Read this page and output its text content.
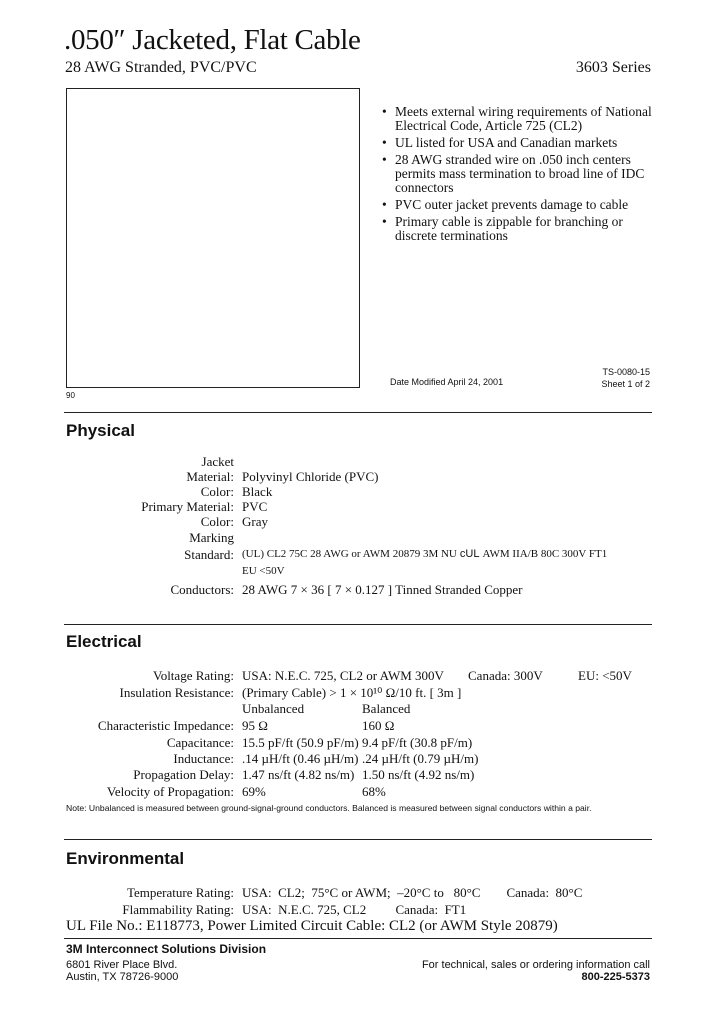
.050″ Jacketed, Flat Cable
28 AWG Stranded, PVC/PVC	3603 Series
90
• Meets external wiring requirements of National Electrical Code, Article 725 (CL2)
• UL listed for USA and Canadian markets
• 28 AWG stranded wire on .050 inch centers permits mass termination to broad line of IDC connectors
• PVC outer jacket prevents damage to cable
• Primary cable is zippable for branching or discrete terminations
Date Modified April 24, 2001
TS-0080-15
Sheet 1 of 2
Physical
Jacket
Material: Polyvinyl Chloride (PVC)
Color: Black
Primary Material: PVC
Color: Gray
Marking
Standard: (UL) CL2 75C 28 AWG or AWM 20879 3M NU cUL AWM IIA/B 80C 300V FT1
EU <50V
Conductors: 28 AWG 7 × 36 [ 7 × 0.127 ] Tinned Stranded Copper
Electrical
Voltage Rating: USA: N.E.C. 725, CL2 or AWM 300V Canada: 300V	EU: <50V
Insulation Resistance: (Primary Cable) > 1 × 10¹⁰ Ω/10 ft. [ 3m ]
Unbalanced	Balanced
Characteristic Impedance: 95 Ω	160 Ω
Capacitance: 15.5 pF/ft (50.9 pF/m) 9.4 pF/ft (30.8 pF/m)
Inductance: .14 µH/ft (0.46 µH/m) .24 µH/ft (0.79 µH/m)
Propagation Delay: 1.47 ns/ft (4.82 ns/m) 1.50 ns/ft (4.92 ns/m)
Velocity of Propagation: 69%	68%
Note: Unbalanced is measured between ground-signal-ground conductors. Balanced is measured between signal conductors within a pair.
Environmental
Temperature Rating: USA:  CL2;  75°C or AWM;  –20°C to   80°C        Canada:  80°C
Flammability Rating: USA:  N.E.C. 725, CL2         Canada:  FT1
UL File No.: E118773, Power Limited Circuit Cable: CL2 (or AWM Style 20879)
3M Interconnect Solutions Division
6801 River Place Blvd.
Austin, TX 78726-9000
For technical, sales or ordering information call
800-225-5373
